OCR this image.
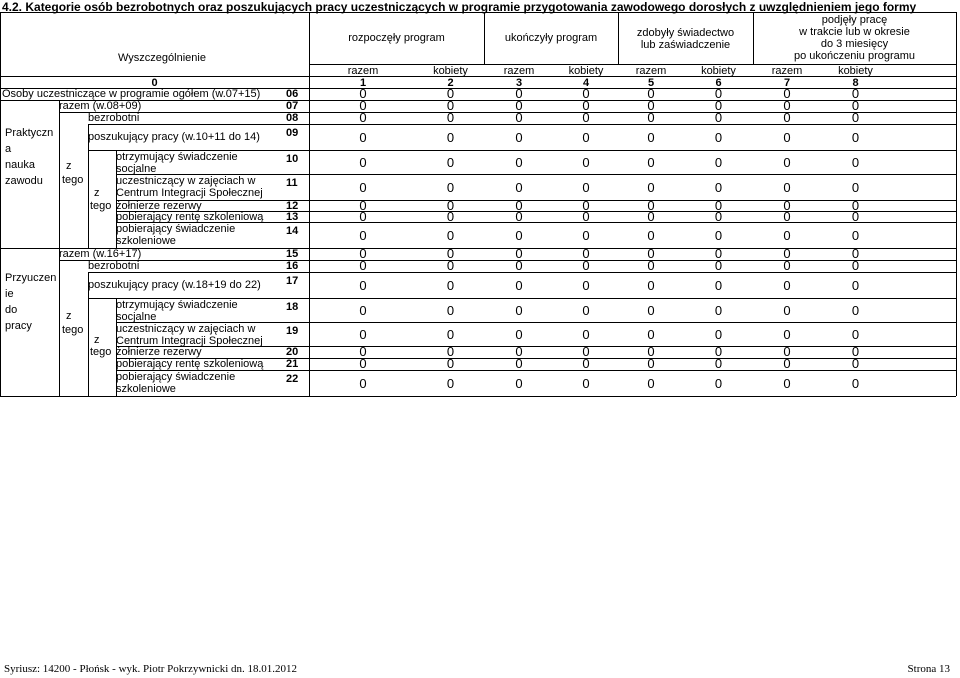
4.2. Kategorie osób bezrobotnych oraz poszukujących pracy uczestniczących w programie przygotowania zawodowego dorosłych z uwzględnieniem jego formy
Wyszczególnienie
rozpoczęły program	ukończyły program	zdobyły świadectwo
lub zaświadczenie
podjęły pracę
w trakcie lub w okresie
do 3 miesięcy
po ukończeniu programu
razem	kobiety	razem	kobiety	razem	kobiety	razem	kobiety
0	1	2	3	4	5	6	7	8
Praktyczn
a
nauka
zawodu
z
tego
z
tego
Przyuczen
ie
do
pracy
z
tego
z
tego
Osoby uczestniczące w programie ogółem (w.07+15) 06	0	0	0	0	0	0	0	0
razem (w.08+09)	07	0	0	0	0	0	0	0	0
bezrobotni	08	0	0	0	0	0	0	0	0
poszukujący pracy (w.10+11 do 14) 09	0	0	0	0	0	0	0	0
otrzymujący świadczenie
socjalne
10	0	0	0	0	0	0	0	0
uczestniczący w zajęciach w
Centrum Integracji Społecznej
11	0	0	0	0	0	0	0	0
żołnierze rezerwy	12	0	0	0	0	0	0	0	0
pobierający rentę szkoleniową 13	0	0	0	0	0	0	0	0
pobierający świadczenie
szkoleniowe
14	0	0	0	0	0	0	0	0
razem (w.16+17)	15	0	0	0	0	0	0	0	0
bezrobotni	16	0	0	0	0	0	0	0	0
poszukujący pracy (w.18+19 do 22) 17	0	0	0	0	0	0	0	0
otrzymujący świadczenie
socjalne
18	0	0	0	0	0	0	0	0
uczestniczący w zajęciach w
Centrum Integracji Społecznej
19	0	0	0	0	0	0	0	0
żołnierze rezerwy	20	0	0	0	0	0	0	0	0
pobierający rentę szkoleniową 21	0	0	0	0	0	0	0	0
pobierający świadczenie
szkoleniowe
22	0	0	0	0	0	0	0	0
Syriusz: 14200 - Płońsk - wyk. Piotr Pokrzywnicki dn. 18.01.2012	Strona 13
